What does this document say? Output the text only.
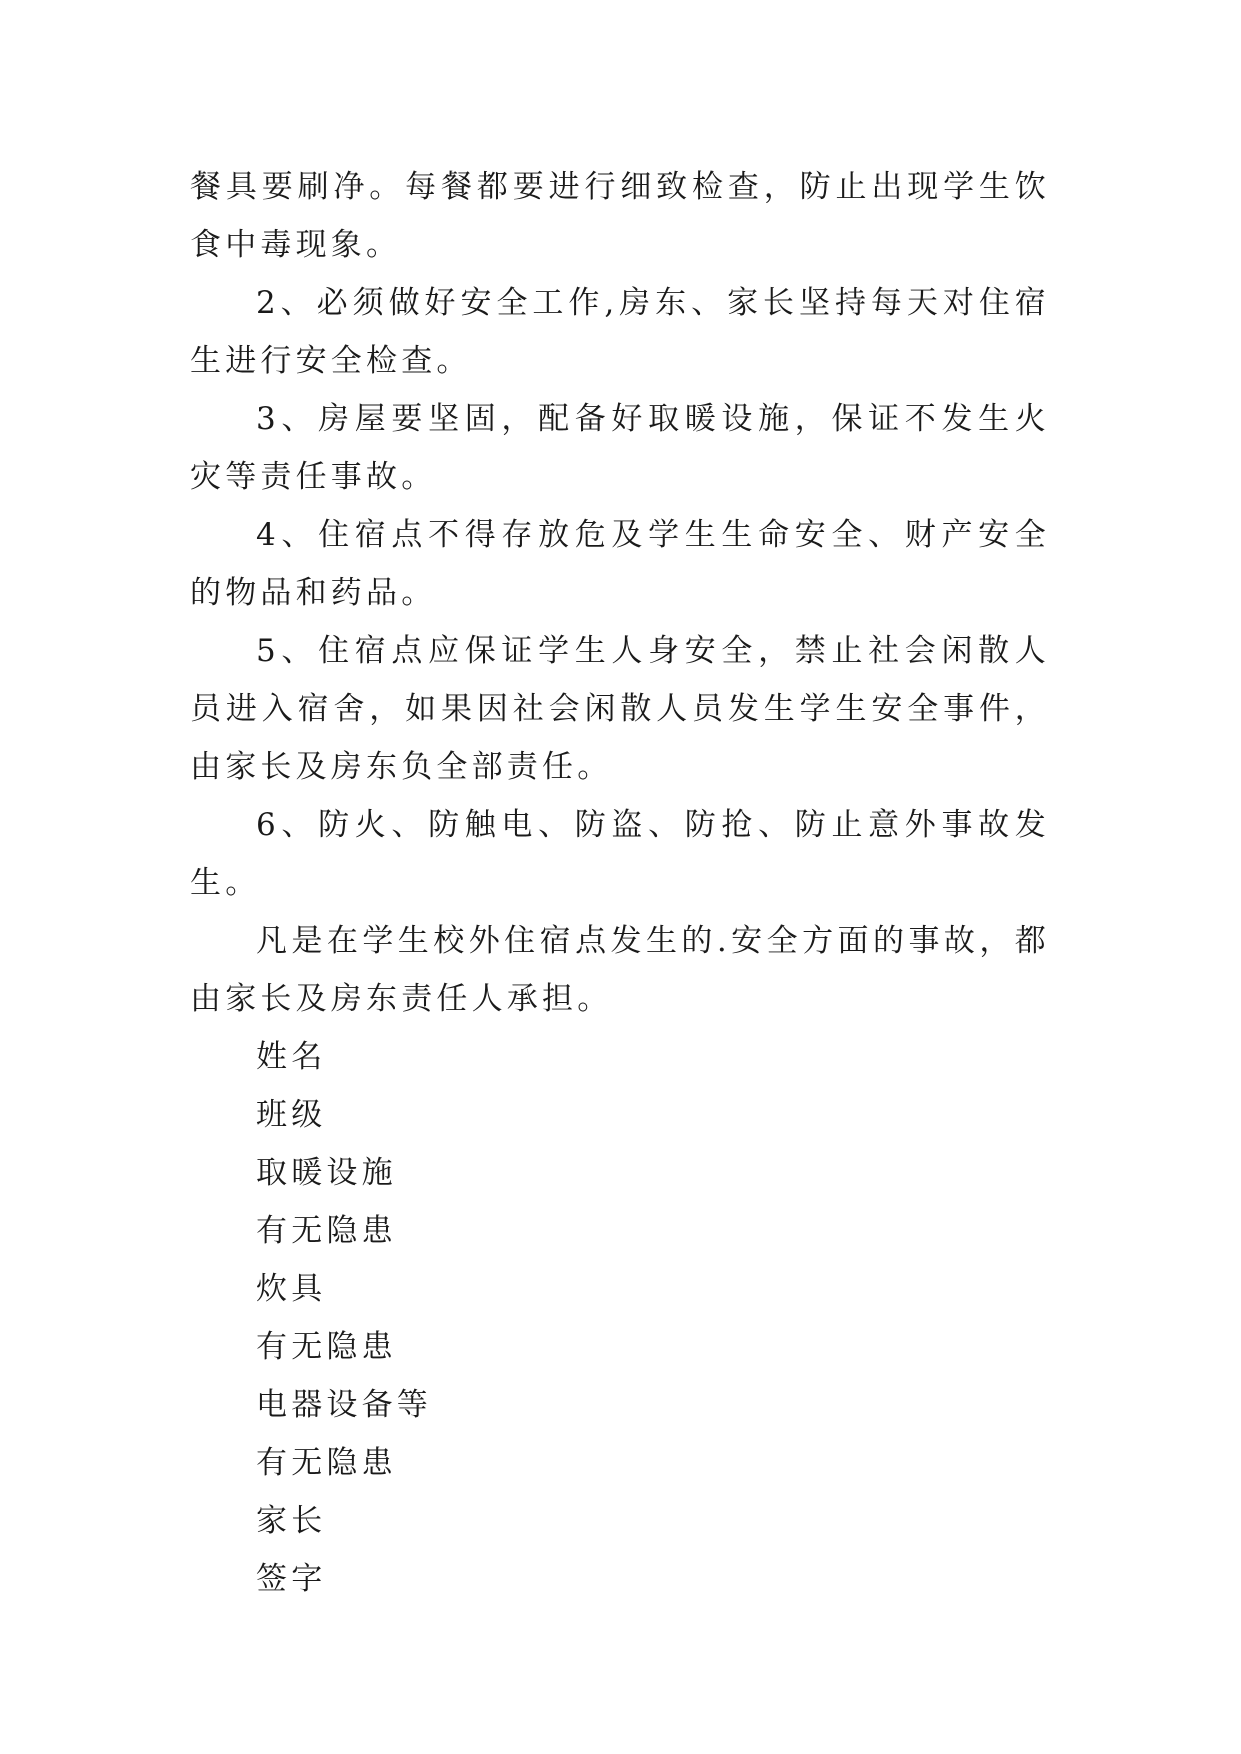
餐具要刷净。每餐都要进行细致检查，防止出现学生饮食中毒现象。

2、必须做好安全工作,房东、家长坚持每天对住宿生进行安全检查。

3、房屋要坚固，配备好取暖设施，保证不发生火灾等责任事故。

4、住宿点不得存放危及学生生命安全、财产安全的物品和药品。

5、住宿点应保证学生人身安全，禁止社会闲散人员进入宿舍，如果因社会闲散人员发生学生安全事件，由家长及房东负全部责任。

6、防火、防触电、防盗、防抢、防止意外事故发生。

凡是在学生校外住宿点发生的.安全方面的事故，都由家长及房东责任人承担。

姓名

班级

取暖设施

有无隐患

炊具

有无隐患

电器设备等

有无隐患

家长

签字
